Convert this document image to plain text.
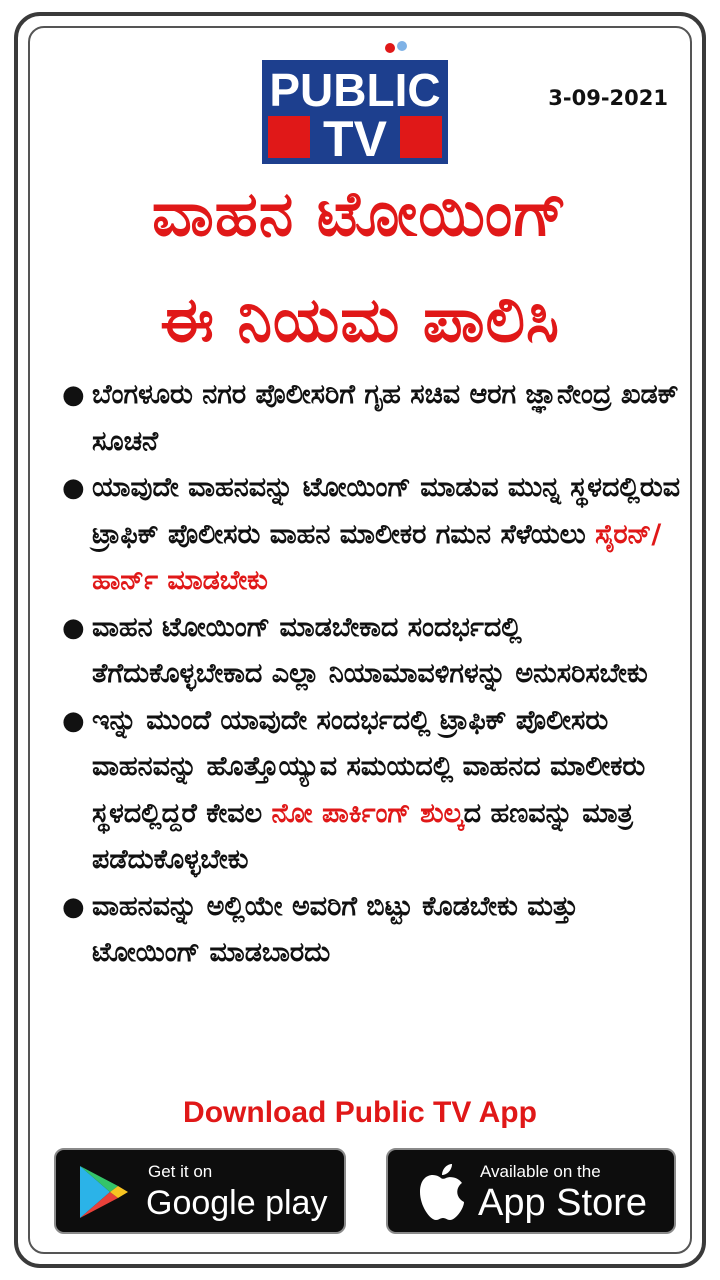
PUBLIC
TV
3-09-2021
ವಾಹನ ಟೋಯಿಂಗ್
ಈ ನಿಯಮ ಪಾಲಿಸಿ
● ಬೆಂಗಳೂರು ನಗರ ಪೊಲೀಸರಿಗೆ ಗೃಹ ಸಚಿವ ಆರಗ ಜ್ಞಾನೇಂದ್ರ ಖಡಕ್ ಸೂಚನೆ
● ಯಾವುದೇ ವಾಹನವನ್ನು ಟೋಯಿಂಗ್ ಮಾಡುವ ಮುನ್ನ ಸ್ಥಳದಲ್ಲಿರುವ ಟ್ರಾಫಿಕ್ ಪೊಲೀಸರು ವಾಹನ ಮಾಲೀಕರ ಗಮನ ಸೆಳೆಯಲು ಸೈರನ್/ ಹಾರ್ನ್ ಮಾಡಬೇಕು
● ವಾಹನ ಟೋಯಿಂಗ್ ಮಾಡಬೇಕಾದ ಸಂದರ್ಭದಲ್ಲಿ ತೆಗೆದುಕೊಳ್ಳಬೇಕಾದ ಎಲ್ಲಾ ನಿಯಾಮಾವಳಿಗಳನ್ನು ಅನುಸರಿಸಬೇಕು
● ಇನ್ನು ಮುಂದೆ ಯಾವುದೇ ಸಂದರ್ಭದಲ್ಲಿ ಟ್ರಾಫಿಕ್ ಪೊಲೀಸರು ವಾಹನವನ್ನು ಹೊತ್ತೊಯ್ಯುವ ಸಮಯದಲ್ಲಿ ವಾಹನದ ಮಾಲೀಕರು ಸ್ಥಳದಲ್ಲಿದ್ದರೆ ಕೇವಲ ನೋ ಪಾರ್ಕಿಂಗ್ ಶುಲ್ಕದ ಹಣವನ್ನು ಮಾತ್ರ ಪಡೆದುಕೊಳ್ಳಬೇಕು
● ವಾಹನವನ್ನು ಅಲ್ಲಿಯೇ ಅವರಿಗೆ ಬಿಟ್ಟು ಕೊಡಬೇಕು ಮತ್ತು ಟೋಯಿಂಗ್ ಮಾಡಬಾರದು
Download Public TV App
Get it on
Google play
Available on the
App Store
